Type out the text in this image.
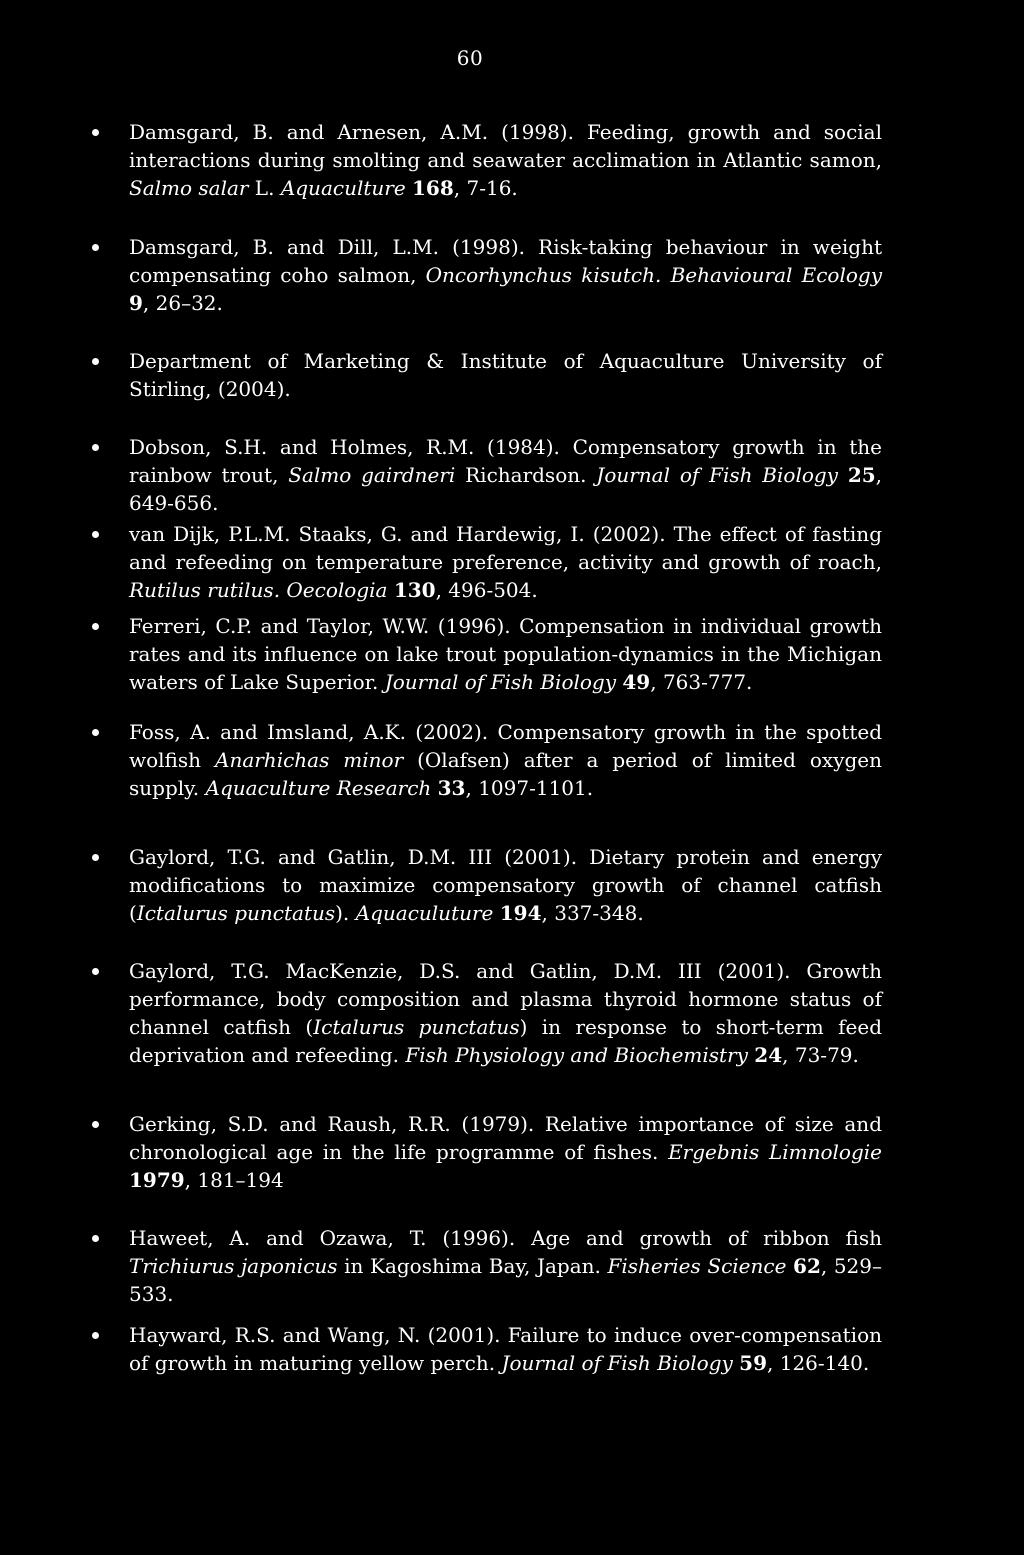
60
Damsgard, B. and Arnesen, A.M. (1998). Feeding, growth and social interactions during smolting and seawater acclimation in Atlantic samon, Salmo salar L. Aquaculture 168, 7-16.
Damsgard, B. and Dill, L.M. (1998). Risk-taking behaviour in weight compensating coho salmon, Oncorhynchus kisutch. Behavioural Ecology 9, 26–32.
Department of Marketing & Institute of Aquaculture University of Stirling, (2004).
Dobson, S.H. and Holmes, R.M. (1984). Compensatory growth in the rainbow trout, Salmo gairdneri Richardson. Journal of Fish Biology 25, 649-656.
van Dijk, P.L.M. Staaks, G. and Hardewig, I. (2002). The effect of fasting and refeeding on temperature preference, activity and growth of roach, Rutilus rutilus. Oecologia 130, 496-504.
Ferreri, C.P. and Taylor, W.W. (1996). Compensation in individual growth rates and its influence on lake trout population-dynamics in the Michigan waters of Lake Superior. Journal of Fish Biology 49, 763-777.
Foss, A. and Imsland, A.K. (2002). Compensatory growth in the spotted wolfish Anarhichas minor (Olafsen) after a period of limited oxygen supply. Aquaculture Research 33, 1097-1101.
Gaylord, T.G. and Gatlin, D.M. III (2001). Dietary protein and energy modifications to maximize compensatory growth of channel catfish (Ictalurus punctatus). Aquaculuture 194, 337-348.
Gaylord, T.G. MacKenzie, D.S. and Gatlin, D.M. III (2001). Growth performance, body composition and plasma thyroid hormone status of channel catfish (Ictalurus punctatus) in response to short-term feed deprivation and refeeding. Fish Physiology and Biochemistry 24, 73-79.
Gerking, S.D. and Raush, R.R. (1979). Relative importance of size and chronological age in the life programme of fishes. Ergebnis Limnologie 1979, 181–194
Haweet, A. and Ozawa, T. (1996). Age and growth of ribbon fish Trichiurus japonicus in Kagoshima Bay, Japan. Fisheries Science 62, 529–533.
Hayward, R.S. and Wang, N. (2001). Failure to induce over-compensation of growth in maturing yellow perch. Journal of Fish Biology 59, 126-140.
